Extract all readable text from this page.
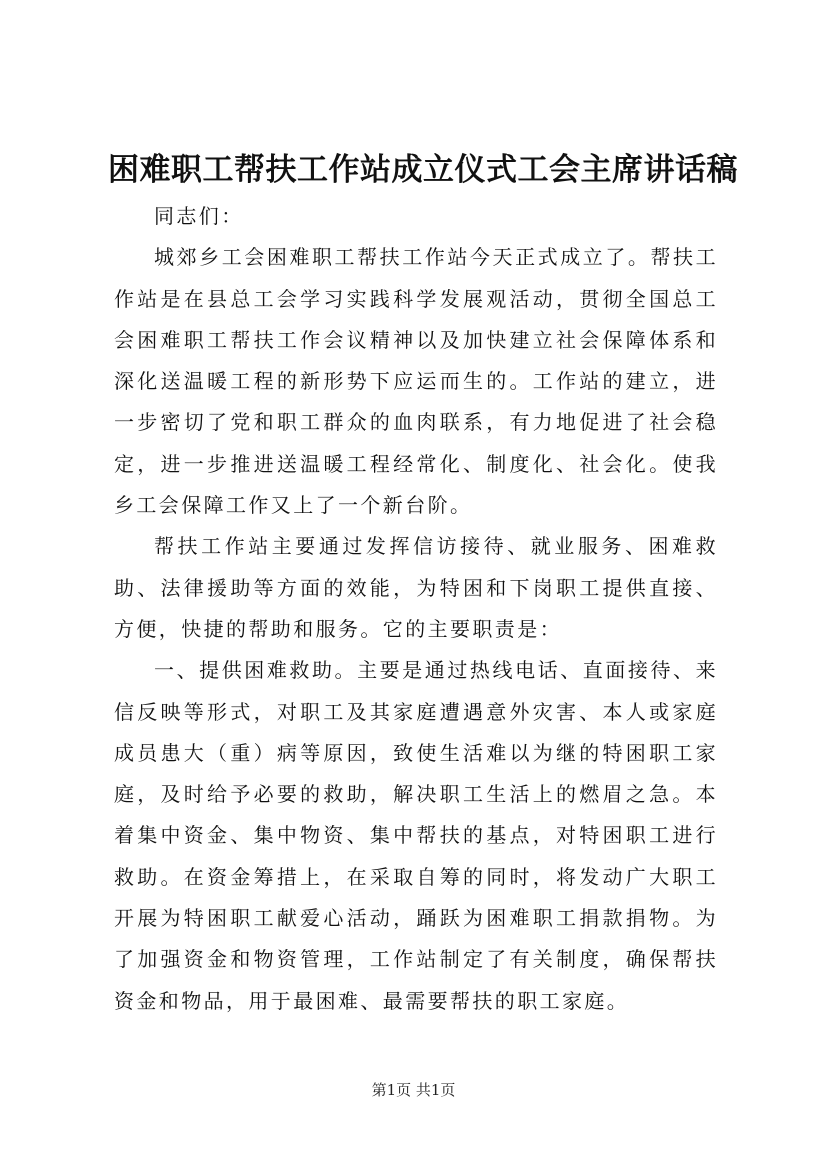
困难职工帮扶工作站成立仪式工会主席讲话稿

同志们：

城郊乡工会困难职工帮扶工作站今天正式成立了。帮扶工作站是在县总工会学习实践科学发展观活动，贯彻全国总工会困难职工帮扶工作会议精神以及加快建立社会保障体系和深化送温暖工程的新形势下应运而生的。工作站的建立，进一步密切了党和职工群众的血肉联系，有力地促进了社会稳定，进一步推进送温暖工程经常化、制度化、社会化。使我乡工会保障工作又上了一个新台阶。

帮扶工作站主要通过发挥信访接待、就业服务、困难救助、法律援助等方面的效能，为特困和下岗职工提供直接、方便，快捷的帮助和服务。它的主要职责是：

一、提供困难救助。主要是通过热线电话、直面接待、来信反映等形式，对职工及其家庭遭遇意外灾害、本人或家庭成员患大（重）病等原因，致使生活难以为继的特困职工家庭，及时给予必要的救助，解决职工生活上的燃眉之急。本着集中资金、集中物资、集中帮扶的基点，对特困职工进行救助。在资金筹措上，在采取自筹的同时，将发动广大职工开展为特困职工献爱心活动，踊跃为困难职工捐款捐物。为了加强资金和物资管理，工作站制定了有关制度，确保帮扶资金和物品，用于最困难、最需要帮扶的职工家庭。

第1页 共1页
